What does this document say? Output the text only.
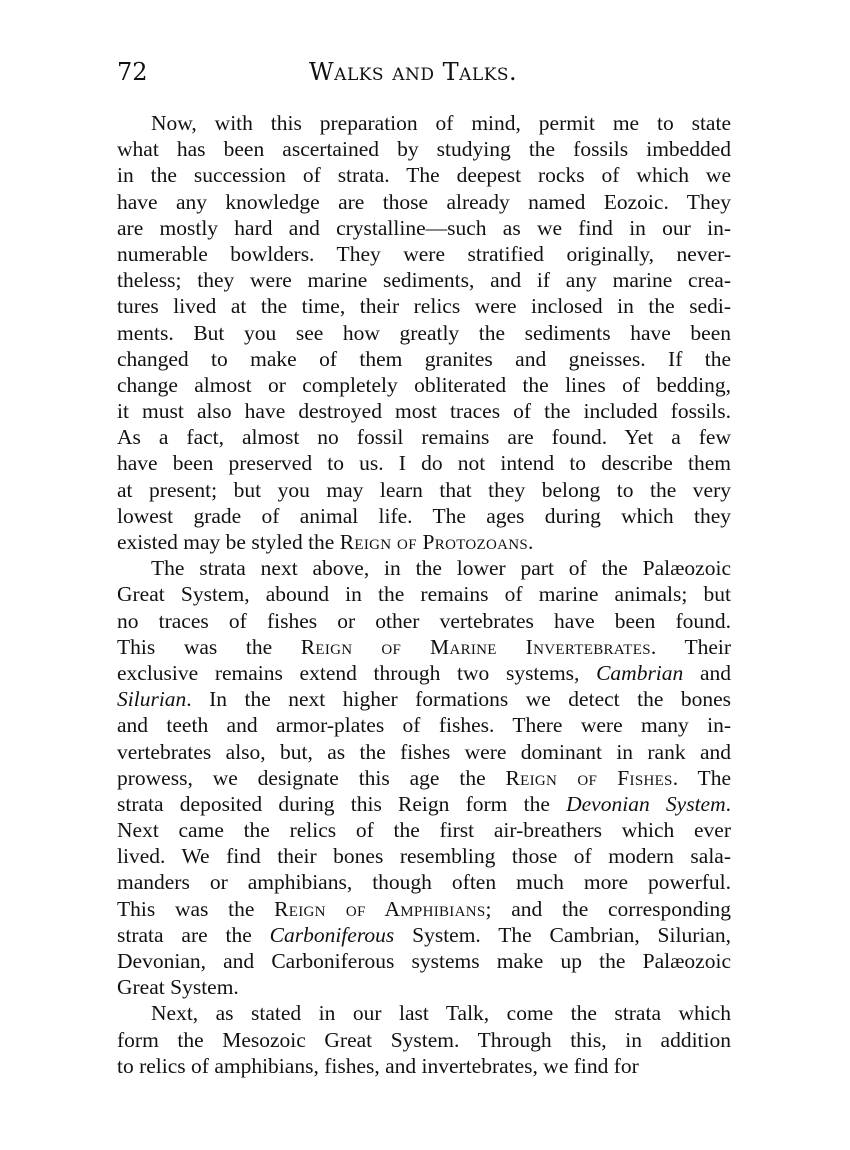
72	Walks and Talks.
Now, with this preparation of mind, permit me to state
what has been ascertained by studying the fossils imbedded
in the succession of strata. The deepest rocks of which we
have any knowledge are those already named Eozoic. They
are mostly hard and crystalline—such as we find in our in-
numerable bowlders. They were stratified originally, never-
theless; they were marine sediments, and if any marine crea-
tures lived at the time, their relics were inclosed in the sedi-
ments. But you see how greatly the sediments have been
changed to make of them granites and gneisses. If the
change almost or completely obliterated the lines of bedding,
it must also have destroyed most traces of the included fossils.
As a fact, almost no fossil remains are found. Yet a few
have been preserved to us. I do not intend to describe them
at present; but you may learn that they belong to the very
lowest grade of animal life. The ages during which they
existed may be styled the Reign of Protozoans.
The strata next above, in the lower part of the Palæozoic
Great System, abound in the remains of marine animals; but
no traces of fishes or other vertebrates have been found.
This was the Reign of Marine Invertebrates. Their
exclusive remains extend through two systems, Cambrian and
Silurian. In the next higher formations we detect the bones
and teeth and armor-plates of fishes. There were many in-
vertebrates also, but, as the fishes were dominant in rank and
prowess, we designate this age the Reign of Fishes. The
strata deposited during this Reign form the Devonian System.
Next came the relics of the first air-breathers which ever
lived. We find their bones resembling those of modern sala-
manders or amphibians, though often much more powerful.
This was the Reign of Amphibians; and the corresponding
strata are the Carboniferous System. The Cambrian, Silurian,
Devonian, and Carboniferous systems make up the Palæozoic
Great System.
Next, as stated in our last Talk, come the strata which
form the Mesozoic Great System. Through this, in addition
to relics of amphibians, fishes, and invertebrates, we find for
